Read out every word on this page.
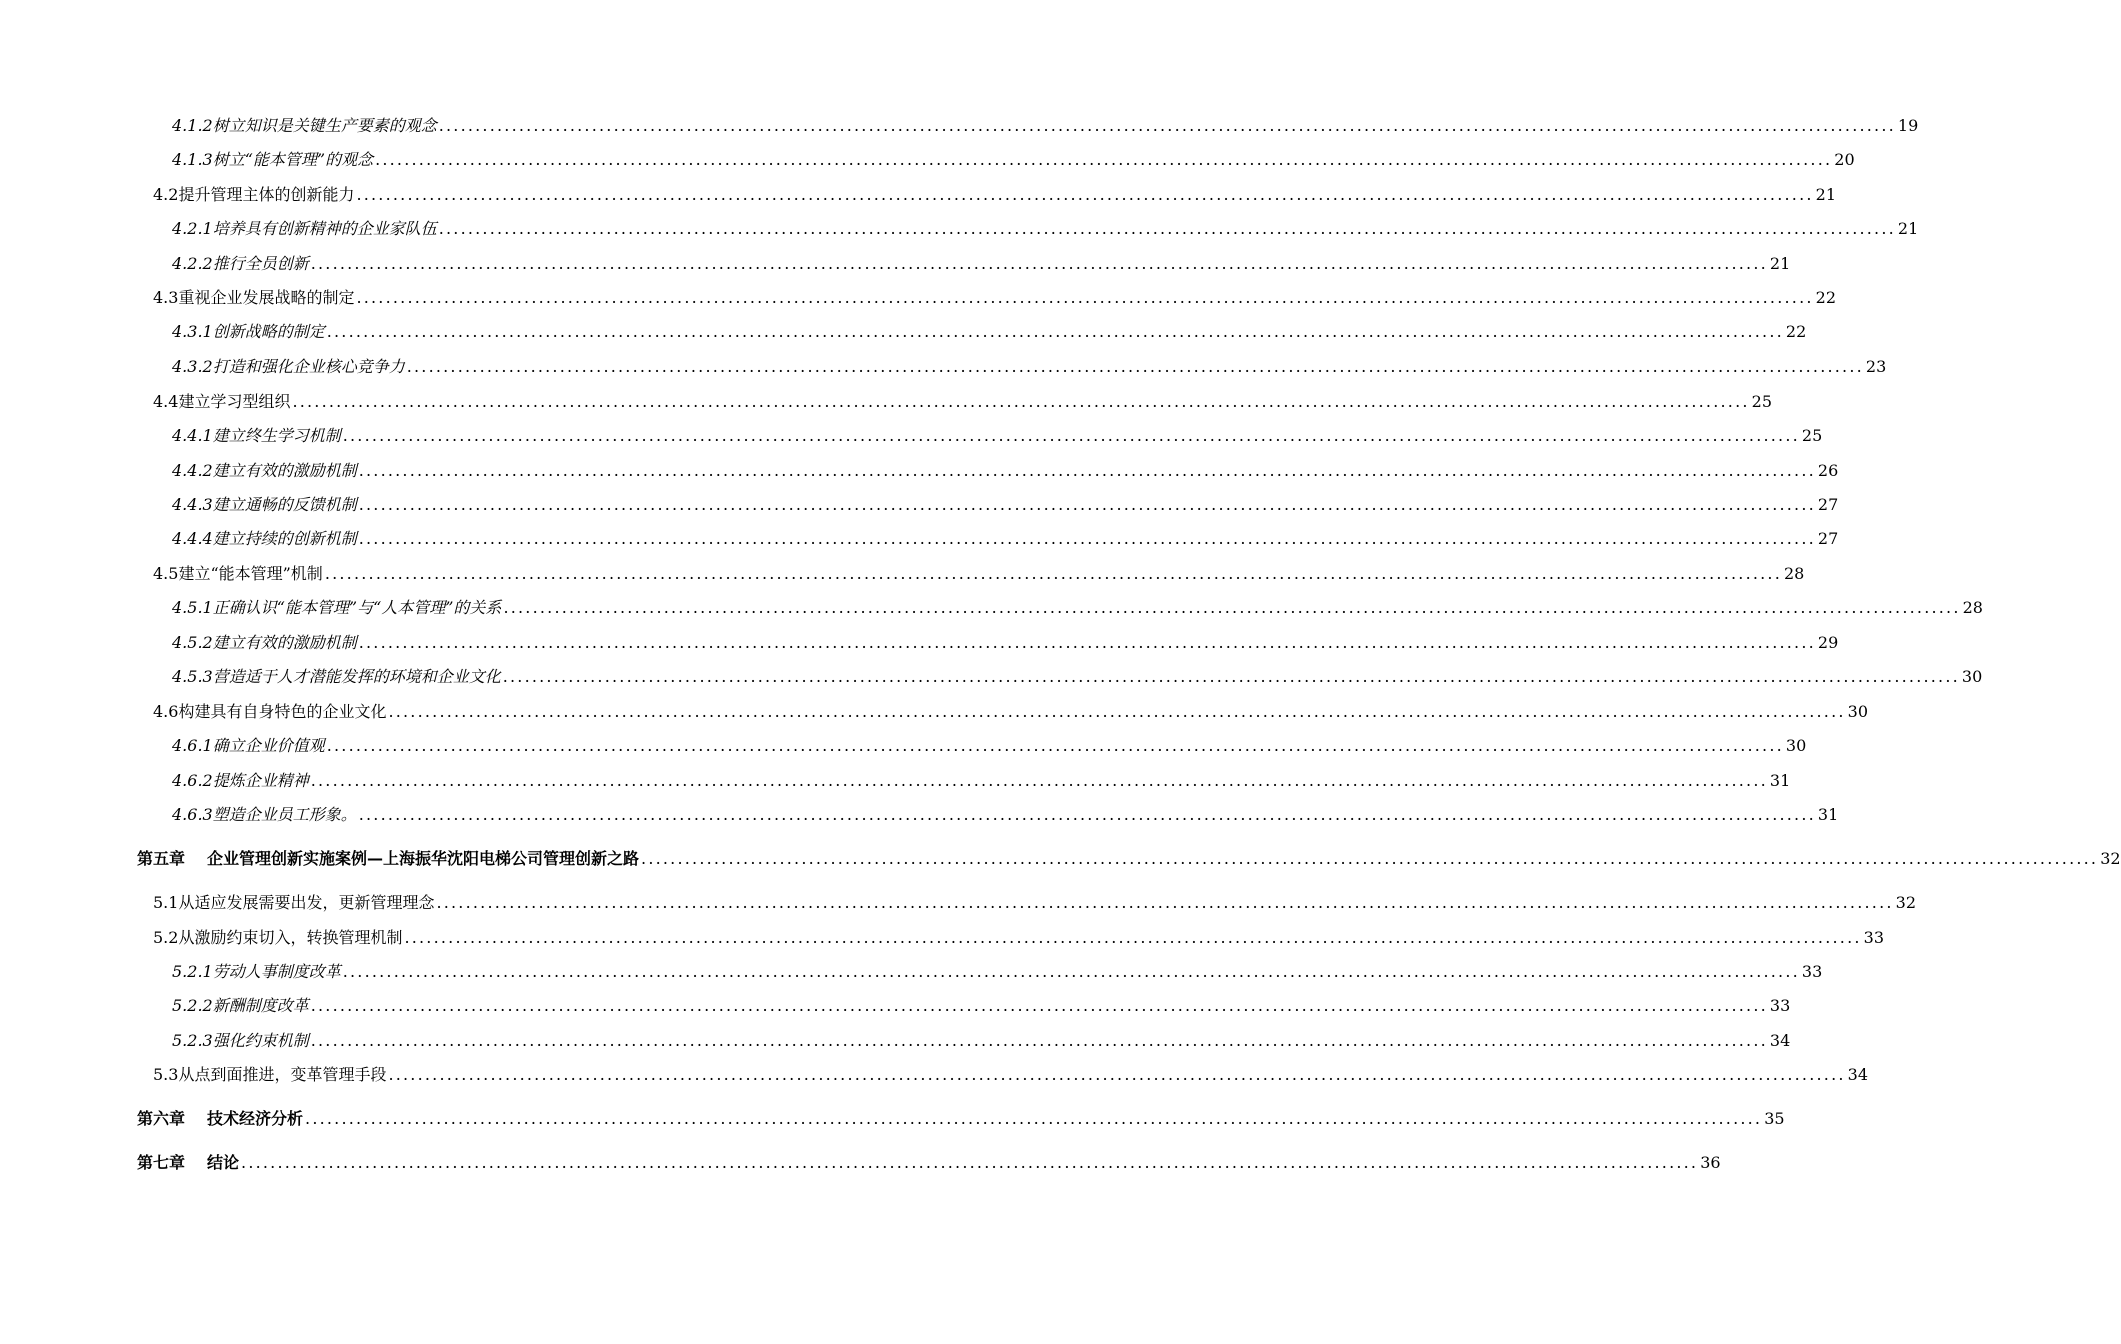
4.1.2树立知识是关键生产要素的观念 ........................................................................................................................................................................................................ 19
4.1.3树立“能本管理”的观念 ........................................................................................................................................................................................................ 20
4.2提升管理主体的创新能力 ........................................................................................................................................................................................................ 21
4.2.1培养具有创新精神的企业家队伍 ........................................................................................................................................................................................................ 21
4.2.2推行全员创新 ........................................................................................................................................................................................................ 21
4.3重视企业发展战略的制定 ........................................................................................................................................................................................................ 22
4.3.1创新战略的制定 ........................................................................................................................................................................................................ 22
4.3.2打造和强化企业核心竞争力 ........................................................................................................................................................................................................ 23
4.4建立学习型组织 ........................................................................................................................................................................................................ 25
4.4.1建立终生学习机制 ........................................................................................................................................................................................................ 25
4.4.2建立有效的激励机制 ........................................................................................................................................................................................................ 26
4.4.3建立通畅的反馈机制 ........................................................................................................................................................................................................ 27
4.4.4建立持续的创新机制 ........................................................................................................................................................................................................ 27
4.5建立“能本管理”机制 ........................................................................................................................................................................................................ 28
4.5.1正确认识“能本管理”与“人本管理”的关系 ........................................................................................................................................................................................................ 28
4.5.2建立有效的激励机制 ........................................................................................................................................................................................................ 29
4.5.3营造适于人才潜能发挥的环境和企业文化 ........................................................................................................................................................................................................ 30
4.6构建具有自身特色的企业文化 ........................................................................................................................................................................................................ 30
4.6.1确立企业价值观 ........................................................................................................................................................................................................ 30
4.6.2提炼企业精神 ........................................................................................................................................................................................................ 31
4.6.3塑造企业员工形象。 ........................................................................................................................................................................................................ 31
第五章 企业管理创新实施案例—上海振华沈阳电梯公司管理创新之路 ........................................................................................................................................................................................................ 32
5.1从适应发展需要出发，更新管理理念 ........................................................................................................................................................................................................ 32
5.2从激励约束切入，转换管理机制 ........................................................................................................................................................................................................ 33
5.2.1劳动人事制度改革 ........................................................................................................................................................................................................ 33
5.2.2新酬制度改革 ........................................................................................................................................................................................................ 33
5.2.3强化约束机制 ........................................................................................................................................................................................................ 34
5.3从点到面推进，变革管理手段 ........................................................................................................................................................................................................ 34
第六章 技术经济分析 ........................................................................................................................................................................................................ 35
第七章 结论 ........................................................................................................................................................................................................ 36
